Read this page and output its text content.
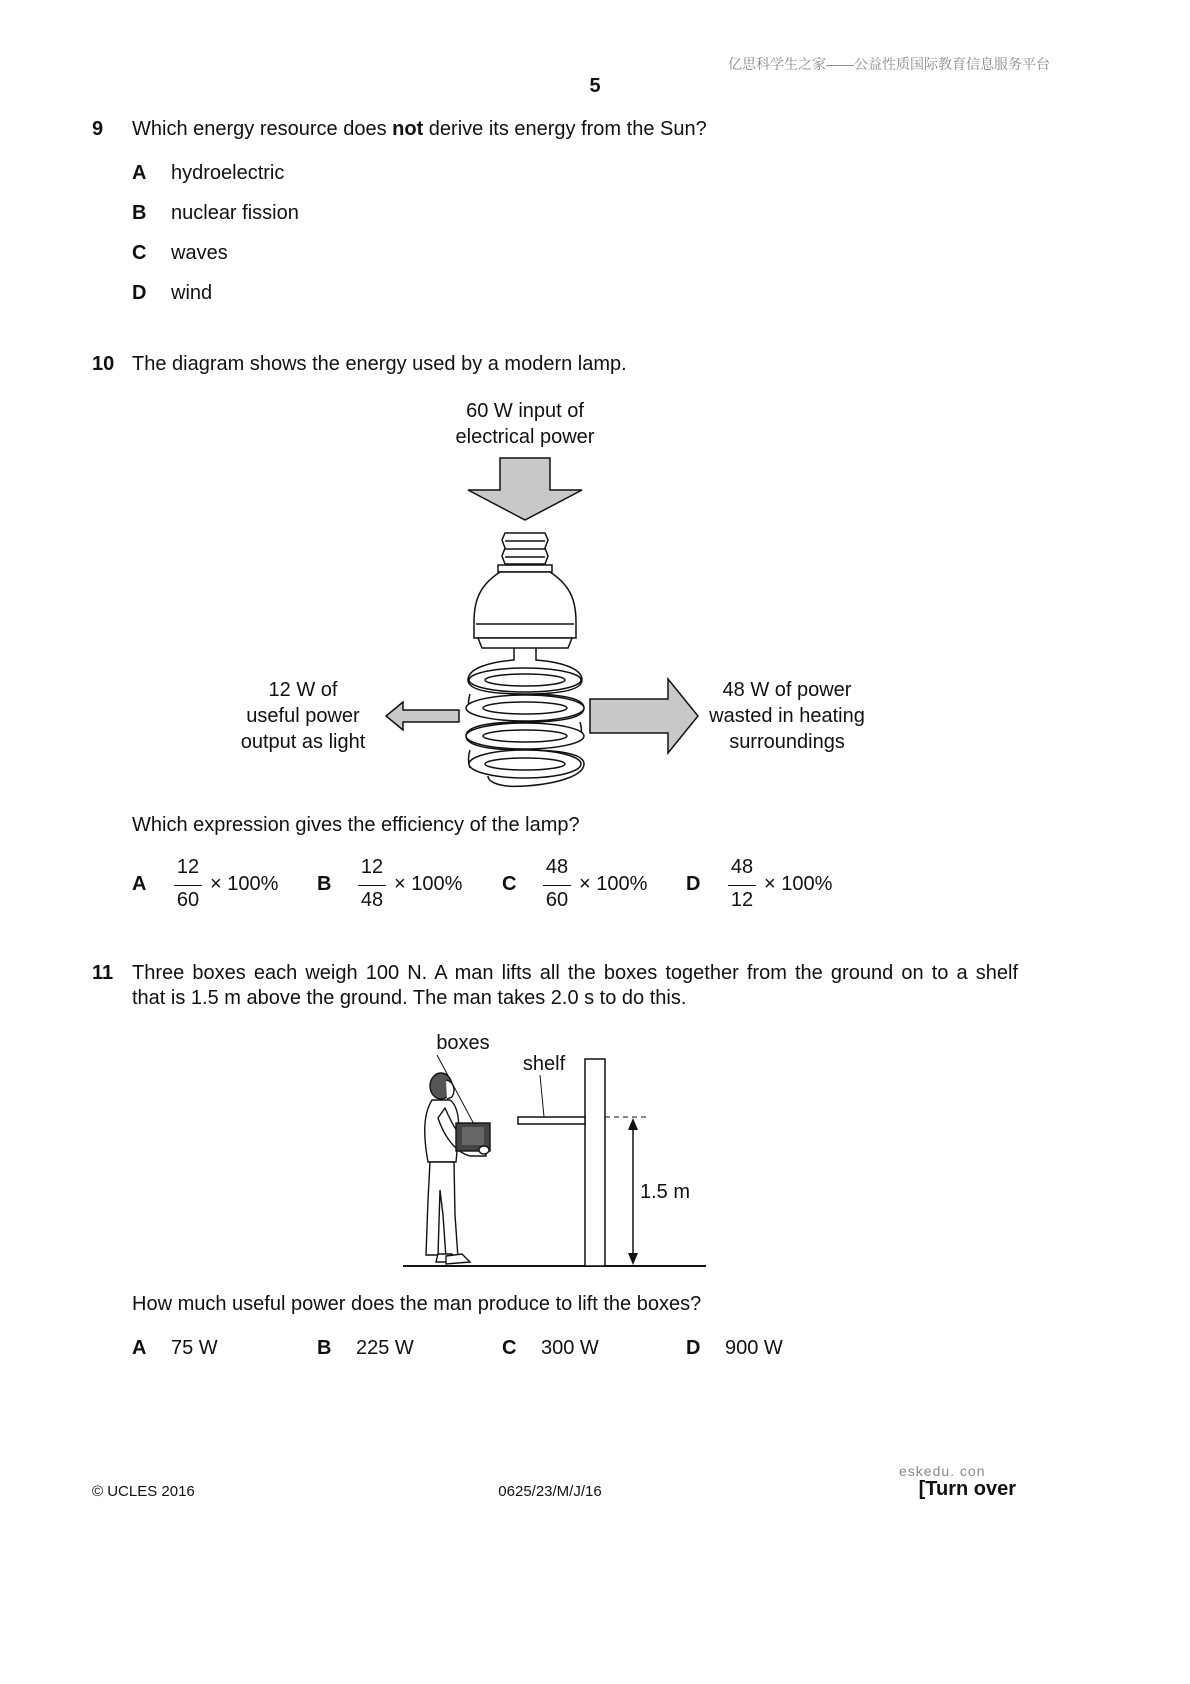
亿思科学生之家——公益性质国际教育信息服务平台
5
9 Which energy resource does not derive its energy from the Sun?
A hydroelectric
B nuclear fission
C waves
D wind
10 The diagram shows the energy used by a modern lamp.
60 W input of
electrical power
12 W of
useful power
output as light
48 W of power
wasted in heating
surroundings
Which expression gives the efficiency of the lamp?
A
12
60
× 100% B
12
48
× 100% C
48
60
× 100% D
48
12
× 100%
11 Three boxes each weigh 100 N. A man lifts all the boxes together from the ground on to a shelf
that is 1.5 m above the ground. The man takes 2.0 s to do this.
boxes
shelf
1.5 m
How much useful power does the man produce to lift the boxes?
A 75 W	B 225 W	C 300 W	D 900 W
eskedu. con
© UCLES 2016	0625/23/M/J/16	[Turn over
